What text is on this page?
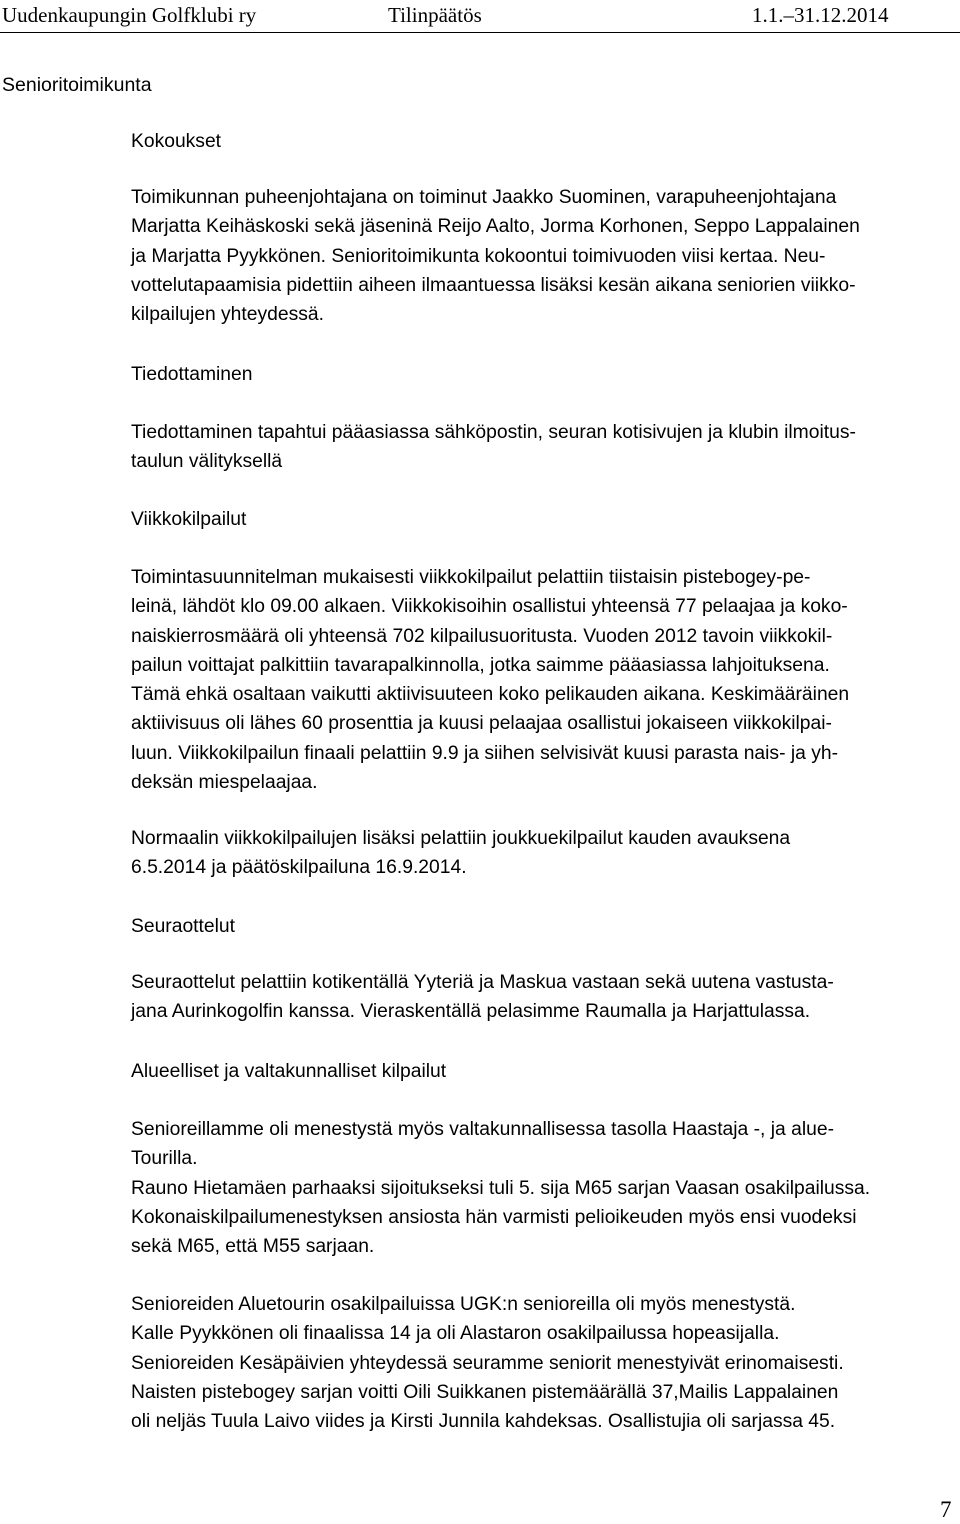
Uudenkaupungin Golfklubi ry	Tilinpäätös	1.1.–31.12.2014
Senioritoimikunta
Kokoukset
Toimikunnan puheenjohtajana on toiminut Jaakko Suominen, varapuheenjohtajana
Marjatta Keihäskoski sekä jäseninä Reijo Aalto, Jorma Korhonen, Seppo Lappalainen
ja Marjatta Pyykkönen. Senioritoimikunta kokoontui toimivuoden viisi kertaa. Neu-
vottelutapaamisia pidettiin aiheen ilmaantuessa lisäksi kesän aikana seniorien viikko-
kilpailujen yhteydessä.
Tiedottaminen
Tiedottaminen tapahtui pääasiassa sähköpostin, seuran kotisivujen ja klubin ilmoitus-
taulun välityksellä
Viikkokilpailut
Toimintasuunnitelman mukaisesti viikkokilpailut pelattiin tiistaisin pistebogey-pe-
leinä, lähdöt klo 09.00 alkaen. Viikkokisoihin osallistui yhteensä 77 pelaajaa ja koko-
naiskierrosmäärä oli yhteensä 702 kilpailusuoritusta. Vuoden 2012 tavoin viikkokil-
pailun voittajat palkittiin tavarapalkinnolla, jotka saimme pääasiassa lahjoituksena.
Tämä ehkä osaltaan vaikutti aktiivisuuteen koko pelikauden aikana. Keskimääräinen
aktiivisuus oli lähes 60 prosenttia ja kuusi pelaajaa osallistui jokaiseen viikkokilpai-
luun. Viikkokilpailun finaali pelattiin 9.9 ja siihen selvisivät kuusi parasta nais- ja yh-
deksän miespelaajaa.
Normaalin viikkokilpailujen lisäksi pelattiin joukkuekilpailut kauden avauksena
6.5.2014 ja päätöskilpailuna 16.9.2014.
Seuraottelut
Seuraottelut pelattiin kotikentällä Yyteriä ja Maskua vastaan sekä uutena vastusta-
jana Aurinkogolfin kanssa. Vieraskentällä pelasimme Raumalla ja Harjattulassa.
Alueelliset ja valtakunnalliset kilpailut
Senioreillamme oli menestystä myös valtakunnallisessa tasolla Haastaja -, ja alue-
Tourilla.
Rauno Hietamäen parhaaksi sijoitukseksi tuli 5. sija M65 sarjan Vaasan osakilpailussa.
Kokonaiskilpailumenestyksen ansiosta hän varmisti pelioikeuden myös ensi vuodeksi
sekä M65, että M55 sarjaan.
Senioreiden Aluetourin osakilpailuissa UGK:n senioreilla oli myös menestystä.
Kalle Pyykkönen oli finaalissa 14 ja oli Alastaron osakilpailussa hopeasijalla.
Senioreiden Kesäpäivien yhteydessä seuramme seniorit menestyivät erinomaisesti.
Naisten pistebogey sarjan voitti Oili Suikkanen pistemäärällä 37,Mailis Lappalainen
oli neljäs Tuula Laivo viides ja Kirsti Junnila kahdeksas. Osallistujia oli sarjassa 45.
7
